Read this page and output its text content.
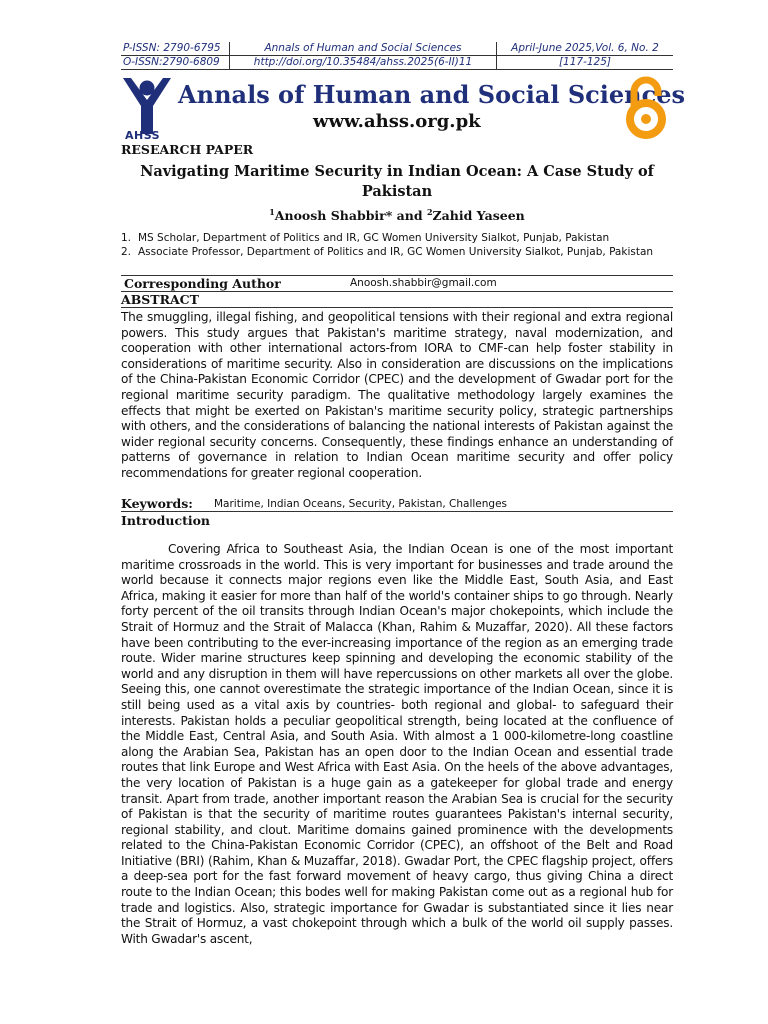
P-ISSN: 2790-6795	Annals of Human and Social Sciences	April-June 2025,Vol. 6, No. 2
O-ISSN:2790-6809	http://doi.org/10.35484/ahss.2025(6-II)11	[117-125]
AHSS
Annals of Human and Social Sciences
www.ahss.org.pk
RESEARCH PAPER
Navigating Maritime Security in Indian Ocean: A Case Study of Pakistan
$^1$Anoosh Shabbir* and $^2$Zahid Yaseen
1. MS Scholar, Department of Politics and IR, GC Women University Sialkot, Punjab, Pakistan
2. Associate Professor, Department of Politics and IR, GC Women University Sialkot, Punjab, Pakistan
Corresponding Author	Anoosh.shabbir@gmail.com
ABSTRACT

The smuggling, illegal fishing, and geopolitical tensions with their regional and extra regional powers. This study argues that Pakistan's maritime strategy, naval modernization, and cooperation with other international actors-from IORA to CMF-can help foster stability in considerations of maritime security. Also in consideration are discussions on the implications of the China-Pakistan Economic Corridor (CPEC) and the development of Gwadar port for the regional maritime security paradigm. The qualitative methodology largely examines the effects that might be exerted on Pakistan's maritime security policy, strategic partnerships with others, and the considerations of balancing the national interests of Pakistan against the wider regional security concerns. Consequently, these findings enhance an understanding of patterns of governance in relation to Indian Ocean maritime security and offer policy recommendations for greater regional cooperation.

Keywords: Maritime, Indian Oceans, Security, Pakistan, Challenges
Introduction

Covering Africa to Southeast Asia, the Indian Ocean is one of the most important maritime crossroads in the world. This is very important for businesses and trade around the world because it connects major regions even like the Middle East, South Asia, and East Africa, making it easier for more than half of the world's container ships to go through. Nearly forty percent of the oil transits through Indian Ocean's major chokepoints, which include the Strait of Hormuz and the Strait of Malacca (Khan, Rahim & Muzaffar, 2020). All these factors have been contributing to the ever-increasing importance of the region as an emerging trade route. Wider marine structures keep spinning and developing the economic stability of the world and any disruption in them will have repercussions on other markets all over the globe. Seeing this, one cannot overestimate the strategic importance of the Indian Ocean, since it is still being used as a vital axis by countries- both regional and global- to safeguard their interests. Pakistan holds a peculiar geopolitical strength, being located at the confluence of the Middle East, Central Asia, and South Asia. With almost a 1 000-kilometre-long coastline along the Arabian Sea, Pakistan has an open door to the Indian Ocean and essential trade routes that link Europe and West Africa with East Asia. On the heels of the above advantages, the very location of Pakistan is a huge gain as a gatekeeper for global trade and energy transit. Apart from trade, another important reason the Arabian Sea is crucial for the security of Pakistan is that the security of maritime routes guarantees Pakistan's internal security, regional stability, and clout. Maritime domains gained prominence with the developments related to the China-Pakistan Economic Corridor (CPEC), an offshoot of the Belt and Road Initiative (BRI) (Rahim, Khan & Muzaffar, 2018). Gwadar Port, the CPEC flagship project, offers a deep-sea port for the fast forward movement of heavy cargo, thus giving China a direct route to the Indian Ocean; this bodes well for making Pakistan come out as a regional hub for trade and logistics. Also, strategic importance for Gwadar is substantiated since it lies near the Strait of Hormuz, a vast chokepoint through which a bulk of the world oil supply passes. With Gwadar's ascent,
